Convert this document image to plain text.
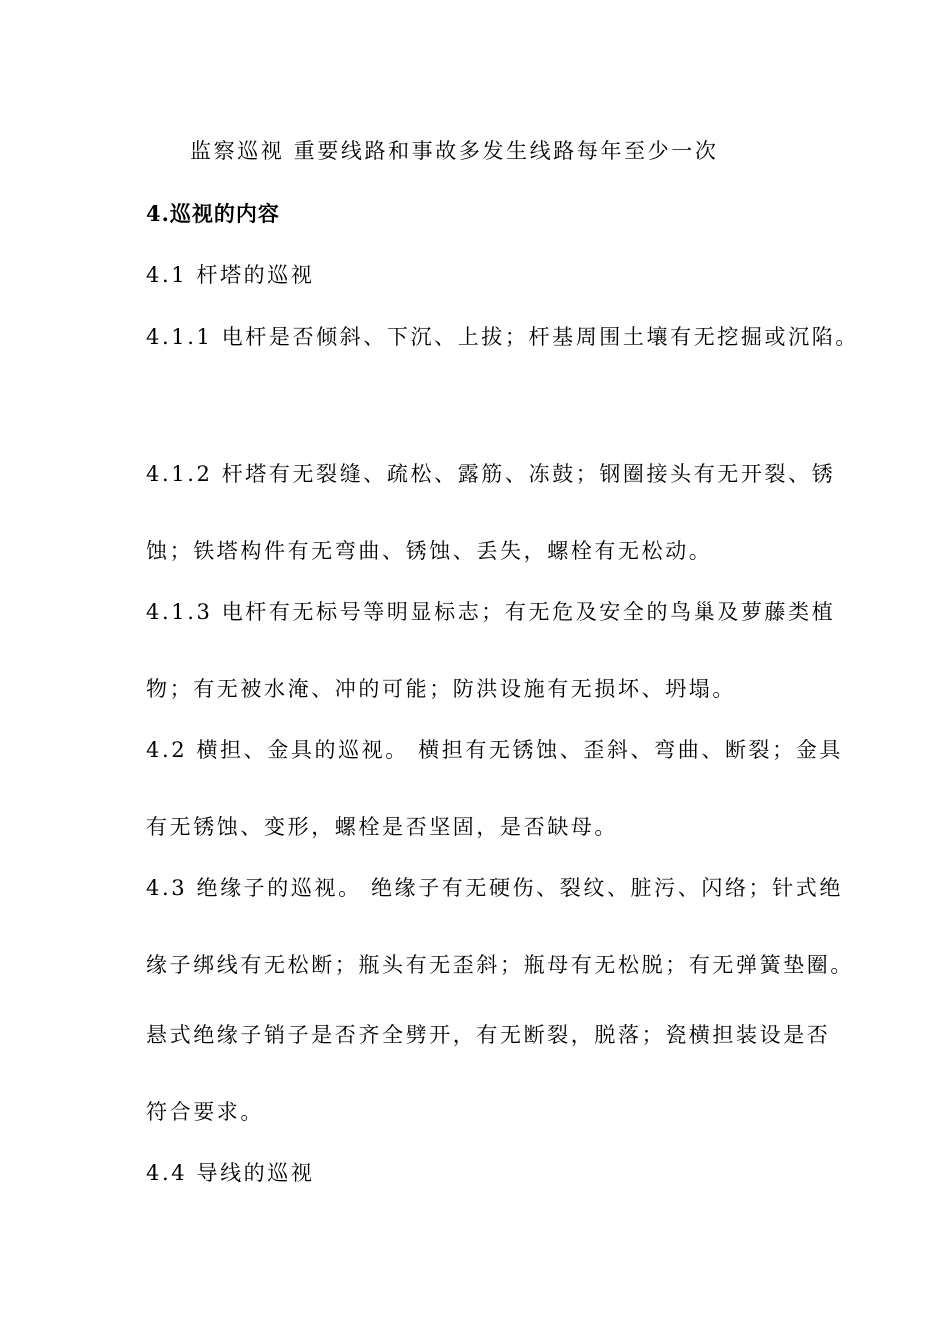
监察巡视 重要线路和事故多发生线路每年至少一次
4.巡视的内容
4.1 杆塔的巡视
4.1.1 电杆是否倾斜、下沉、上拔；杆基周围土壤有无挖掘或沉陷。
4.1.2 杆塔有无裂缝、疏松、露筋、冻鼓；钢圈接头有无开裂、锈
蚀；铁塔构件有无弯曲、锈蚀、丢失，螺栓有无松动。
4.1.3 电杆有无标号等明显标志；有无危及安全的鸟巢及萝藤类植
物；有无被水淹、冲的可能；防洪设施有无损坏、坍塌。
4.2 横担、金具的巡视。 横担有无锈蚀、歪斜、弯曲、断裂；金具
有无锈蚀、变形，螺栓是否坚固，是否缺母。
4.3 绝缘子的巡视。 绝缘子有无硬伤、裂纹、脏污、闪络；针式绝
缘子绑线有无松断；瓶头有无歪斜；瓶母有无松脱；有无弹簧垫圈。
悬式绝缘子销子是否齐全劈开，有无断裂，脱落；瓷横担装设是否
符合要求。
4.4 导线的巡视
